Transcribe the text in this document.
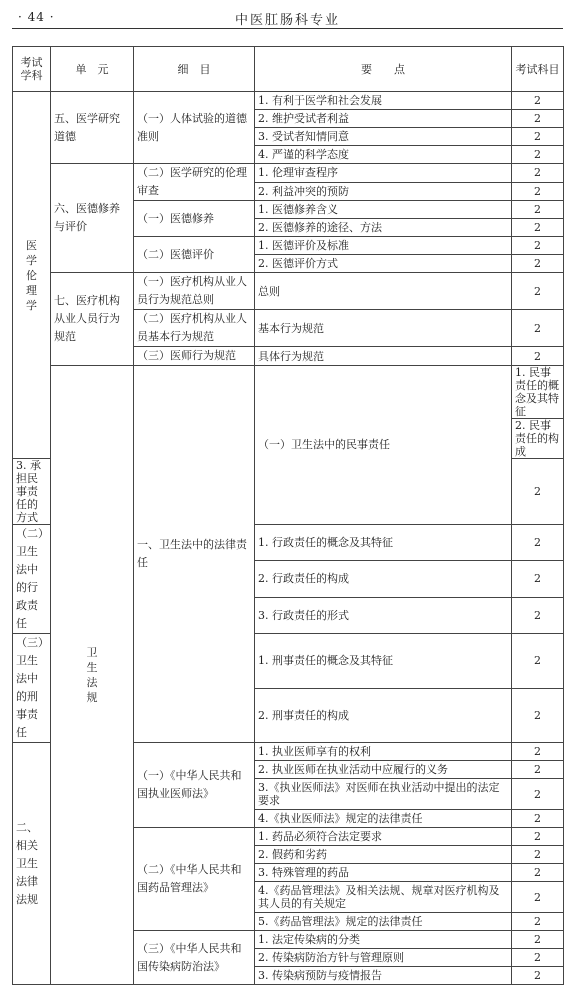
· 44 ·	中医肛肠科专业
考试学科	单　元	细　目	要　　点	考试科目	
医学伦理学	五、医学研究道德	（一）人体试验的道德准则	1. 有利于医学和社会发展	2	
			2. 维护受试者利益	2	
			3. 受试者知情同意	2	
			4. 严谨的科学态度	2	
	六、医德修养与评价	（二）医学研究的伦理审查	1. 伦理审查程序	2	
			2. 利益冲突的预防	2	
		（一）医德修养	1. 医德修养含义	2	
			2. 医德修养的途径、方法	2	
		（二）医德评价	1. 医德评价及标准	2	
			2. 医德评价方式	2	
	七、医疗机构从业人员行为规范	（一）医疗机构从业人员行为规范总则	总则	2	
		（二）医疗机构从业人员基本行为规范	基本行为规范	2	
		（三）医师行为规范	具体行为规范	2	
	卫生法规	一、卫生法中的法律责任	（一）卫生法中的民事责任	1. 民事责任的概念及其特征	
				2. 民事责任的构成	
3. 承担民事责任的方式				2	
（二）卫生法中的行政责任			1. 行政责任的概念及其特征	2	
			2. 行政责任的构成	2	
			3. 行政责任的形式	2	
（三）卫生法中的刑事责任			1. 刑事责任的概念及其特征	2	
			2. 刑事责任的构成	2	
二、相关卫生法律法规		（一）《中华人民共和国执业医师法》	1. 执业医师享有的权利	2	
			2. 执业医师在执业活动中应履行的义务	2	
			3.《执业医师法》对医师在执业活动中提出的法定要求	2	
			4.《执业医师法》规定的法律责任	2	
		（二）《中华人民共和国药品管理法》	1. 药品必须符合法定要求	2	
			2. 假药和劣药	2	
			3. 特殊管理的药品	2	
			4.《药品管理法》及相关法规、规章对医疗机构及其人员的有关规定	2	
			5.《药品管理法》规定的法律责任	2	
		（三）《中华人民共和国传染病防治法》	1. 法定传染病的分类	2	
			2. 传染病防治方针与管理原则	2	
			3. 传染病预防与疫情报告	2	
